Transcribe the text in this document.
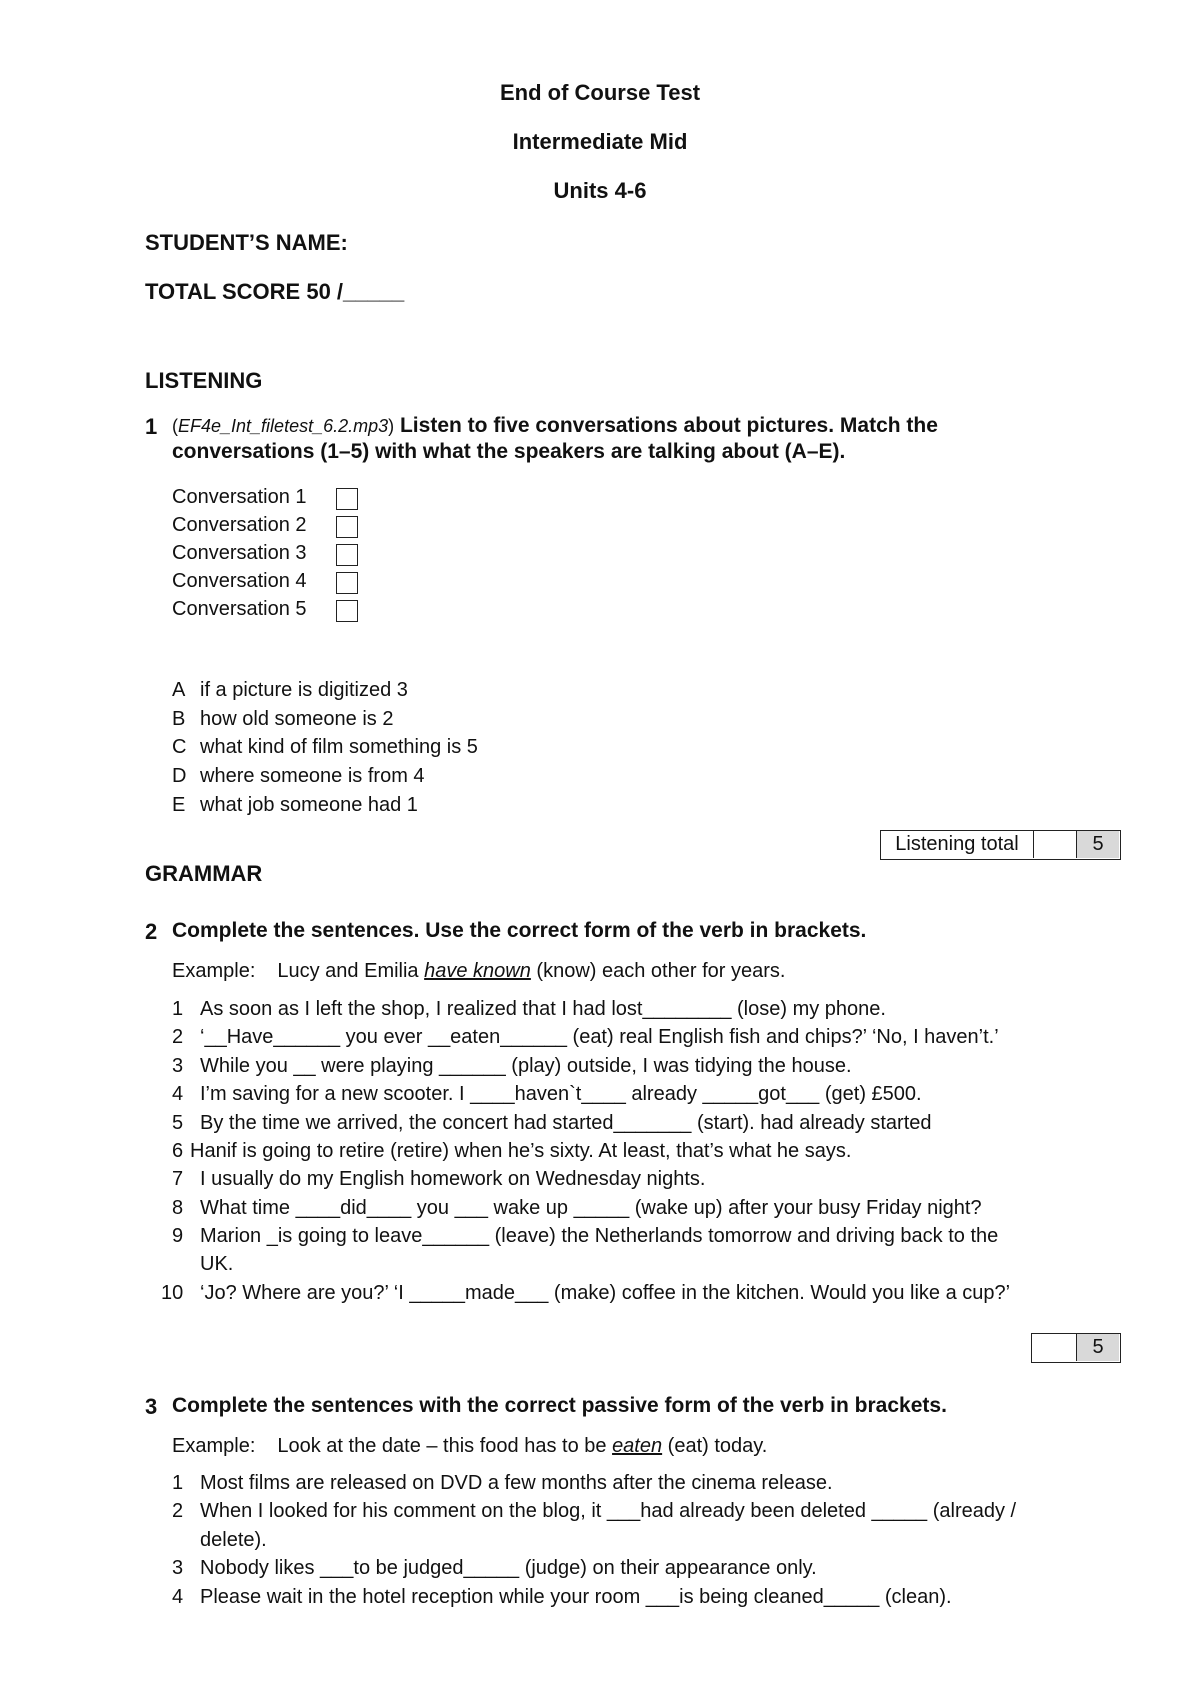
End of Course Test
Intermediate Mid
Units 4-6
STUDENT’S NAME:
TOTAL SCORE 50 /_____
LISTENING
1 (EF4e_Int_filetest_6.2.mp3) Listen to five conversations about pictures. Match the
conversations (1–5) with what the speakers are talking about (A–E).
Conversation 1
Conversation 2
Conversation 3
Conversation 4
Conversation 5
A if a picture is digitized 3
B how old someone is 2
C what kind of film something is 5
D where someone is from 4
E what job someone had 1
Listening total	5
GRAMMAR
2 Complete the sentences. Use the correct form of the verb in brackets.
Example: Lucy and Emilia have known (know) each other for years.
1 As soon as I left the shop, I realized that I had lost________ (lose) my phone.
2 ‘__Have______ you ever __eaten______ (eat) real English fish and chips?’ ‘No, I haven’t.’
3 While you __ were playing ______ (play) outside, I was tidying the house.
4 I’m saving for a new scooter. I ____haven`t____ already _____got___ (get) £500.
5 By the time we arrived, the concert had started_______ (start). had already started
6 Hanif is going to retire (retire) when he’s sixty. At least, that’s what he says.
7 I usually do my English homework on Wednesday nights.
8 What time ____did____ you ___ wake up _____ (wake up) after your busy Friday night?
9 Marion _is going to leave______ (leave) the Netherlands tomorrow and driving back to the
UK.
10 ‘Jo? Where are you?’ ‘I _____made___ (make) coffee in the kitchen. Would you like a cup?’
5
3 Complete the sentences with the correct passive form of the verb in brackets.
Example: Look at the date – this food has to be eaten (eat) today.
1 Most films are released on DVD a few months after the cinema release.
2 When I looked for his comment on the blog, it ___had already been deleted _____ (already /
delete).
3 Nobody likes ___to be judged_____ (judge) on their appearance only.
4 Please wait in the hotel reception while your room ___is being cleaned_____ (clean).
